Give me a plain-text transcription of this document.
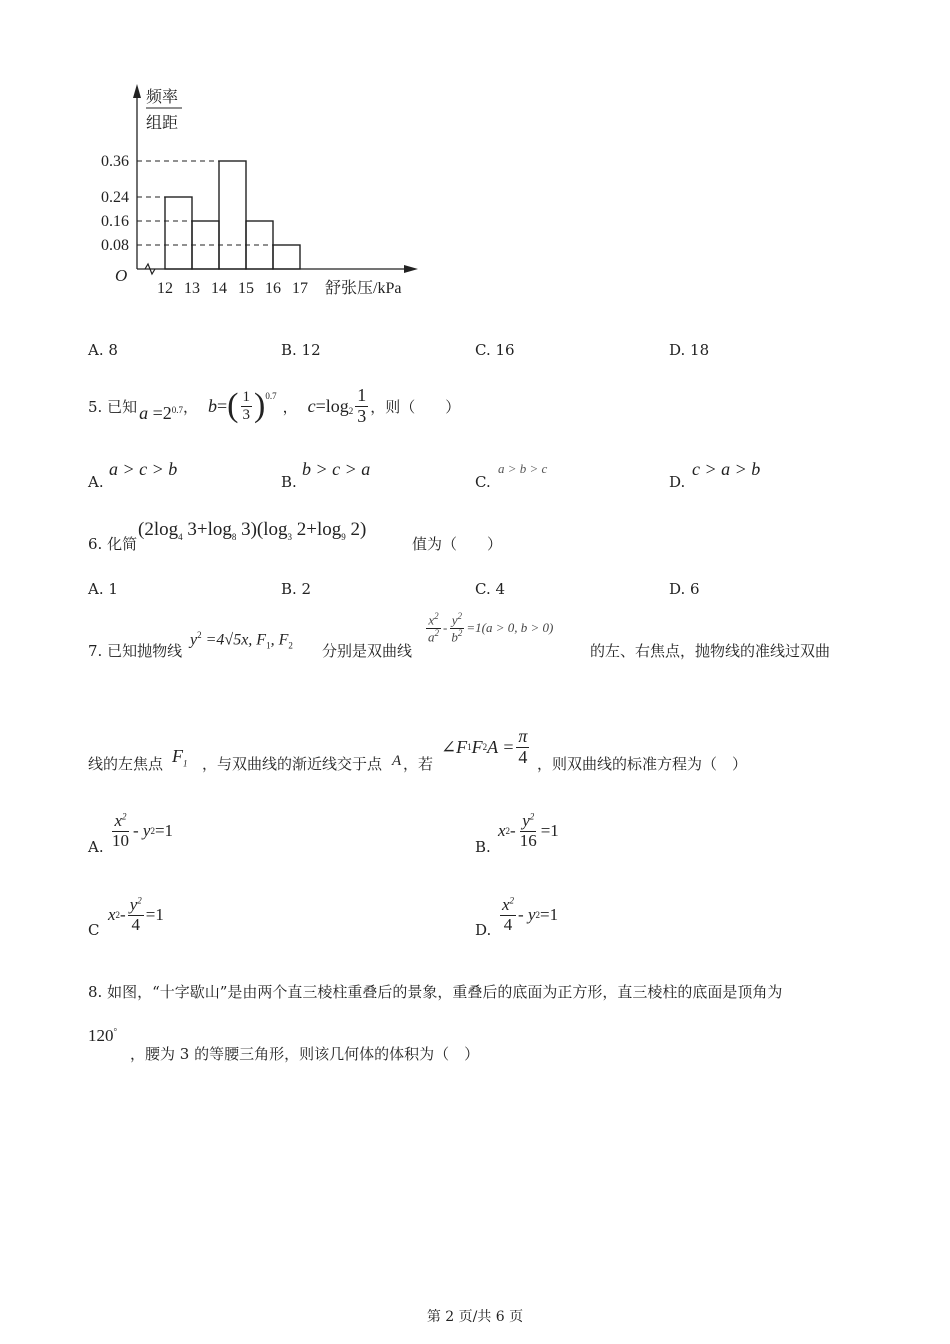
频率
组距
O
0.36
0.24
0.16
0.08
12 13 14 15 16 17 舒张压/kPa
A. 8	B. 12	C. 16	D. 18
5. 已知 $a =2^{0.7}$ ， b = ( $\frac{1}{3} )^{0.7}$
， $c =\log_2 \frac{1}{3}$ ，则（　　）
A.
a > c > b
B.
b > c > a
C.
a > b > c
D.
c > a > b
6. 化简
($2\log_4$ $3+\log_8$ $3)(\log_3$ $2+\log_9$ 2)
值为（　　）
A. 1	B. 2	C. 4	D. 6
7. 已知抛物线
$y^2 =4√5x$, $F_1$, $F_2$ 分别是双曲线
$\frac{x^2}{a^2} - \frac{y^2}{b^2} =1(a > 0$, b > 0)
的左、右焦点，抛物线的准线过双曲
线的左焦点 $F_1$ ，与双曲线的渐近线交于点 A ，若
∠F 1 F 2 $A = \frac{\pi}{4}$ ，则双曲线的标准方程为（　）
A. $\frac{x^2}{10}$ - y 2 =1
B.
x $2 - \frac{y^2}{16} =1$
C
x $2 - \frac{y^2}{4} =1$
D. $\frac{x^2}{4}$ - y 2 =1
8. 如图，“十字歇山”是由两个直三棱柱重叠后的景象，重叠后的底面为正方形，直三棱柱的底面是顶角为
120°
，腰为 3 的等腰三角形，则该几何体的体积为（　）
第 2 页/共 6 页
